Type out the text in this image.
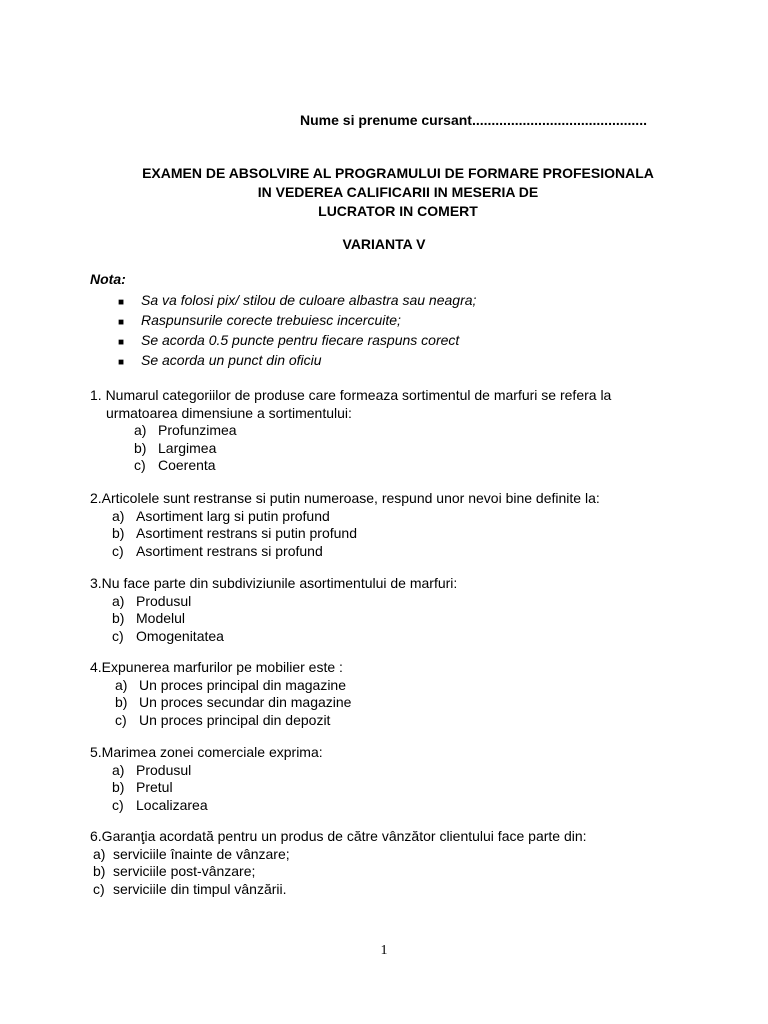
Nume si prenume cursant.............................................
EXAMEN DE ABSOLVIRE AL PROGRAMULUI DE FORMARE PROFESIONALA
IN VEDEREA CALIFICARII IN MESERIA DE
LUCRATOR IN COMERT
VARIANTA V
Nota:
■ Sa va folosi pix/ stilou de culoare albastra sau neagra;
■ Raspunsurile corecte trebuiesc incercuite;
■ Se acorda 0.5 puncte pentru fiecare raspuns corect
■ Se acorda un punct din oficiu
1. Numarul categoriilor de produse care formeaza sortimentul de marfuri se refera la
urmatoarea dimensiune a sortimentului:
a) Profunzimea
b) Largimea
c) Coerenta
2.Articolele sunt restranse si putin numeroase, respund unor nevoi bine definite la:
a) Asortiment larg si putin profund
b) Asortiment restrans si putin profund
c) Asortiment restrans si profund
3.Nu face parte din subdiviziunile asortimentului de marfuri:
a) Produsul
b) Modelul
c) Omogenitatea
4.Expunerea marfurilor pe mobilier este :
a) Un proces principal din magazine
b) Un proces secundar din magazine
c) Un proces principal din depozit
5.Marimea zonei comerciale exprima:
a) Produsul
b) Pretul
c) Localizarea
6.Garanţia acordată pentru un produs de către vânzător clientului face parte din:
a) serviciile înainte de vânzare;
b) serviciile post-vânzare;
c) serviciile din timpul vânzării.
1
